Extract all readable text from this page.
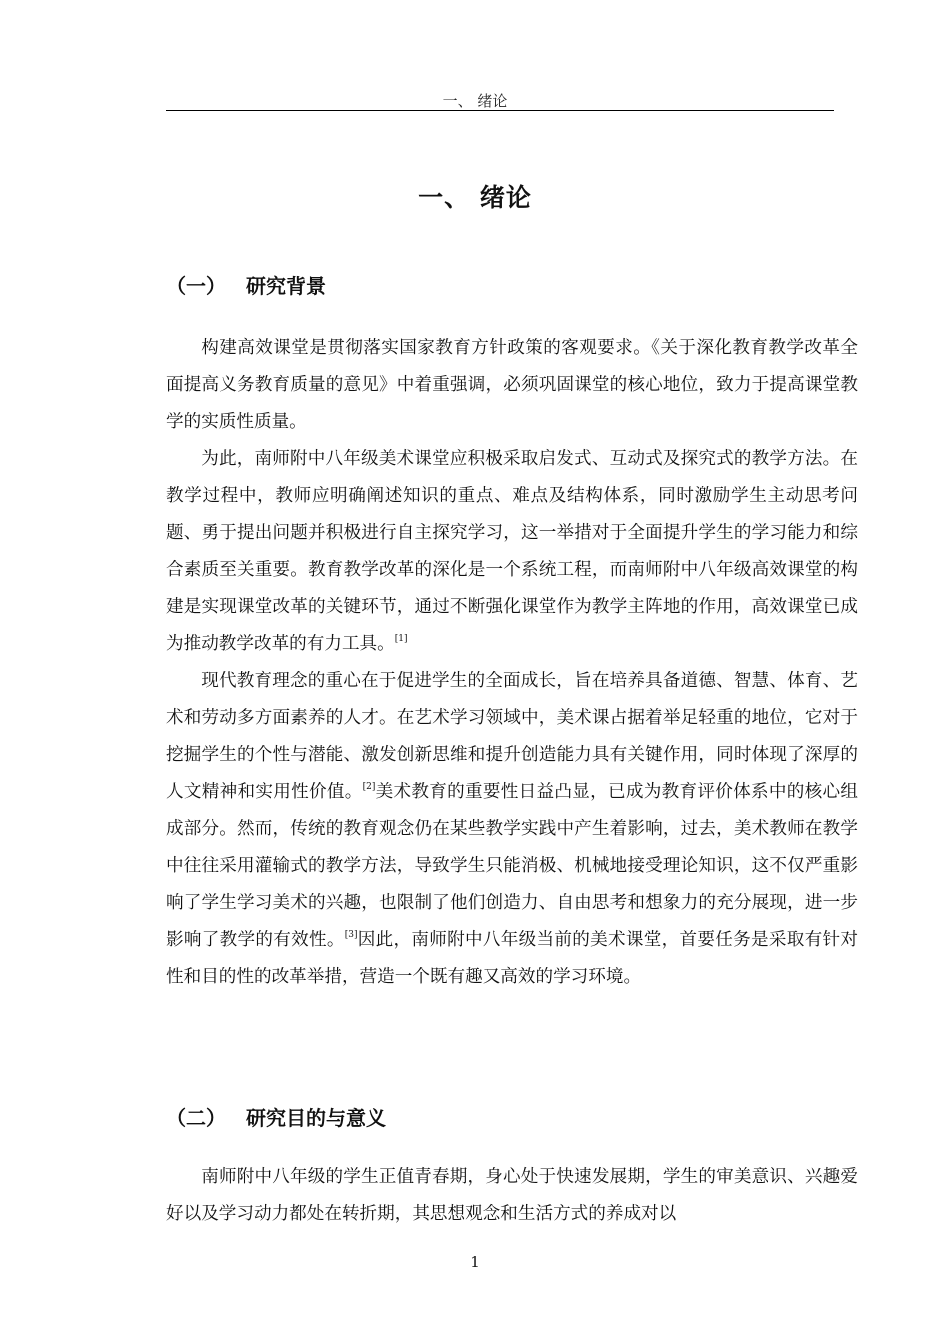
一、 绪论
一、 绪论
（一） 研究背景

构建高效课堂是贯彻落实国家教育方针政策的客观要求。《关于深化教育教学改革全面提高义务教育质量的意见》中着重强调，必须巩固课堂的核心地位，致力于提高课堂教学的实质性质量。

为此，南师附中八年级美术课堂应积极采取启发式、互动式及探究式的教学方法。在教学过程中，教师应明确阐述知识的重点、难点及结构体系，同时激励学生主动思考问题、勇于提出问题并积极进行自主探究学习，这一举措对于全面提升学生的学习能力和综合素质至关重要。教育教学改革的深化是一个系统工程，而南师附中八年级高效课堂的构建是实现课堂改革的关键环节，通过不断强化课堂作为教学主阵地的作用，高效课堂已成为推动教学改革的有力工具。[1]

现代教育理念的重心在于促进学生的全面成长，旨在培养具备道德、智慧、体育、艺术和劳动多方面素养的人才。在艺术学习领域中，美术课占据着举足轻重的地位，它对于挖掘学生的个性与潜能、激发创新思维和提升创造能力具有关键作用，同时体现了深厚的人文精神和实用性价值。[2]美术教育的重要性日益凸显，已成为教育评价体系中的核心组成部分。然而，传统的教育观念仍在某些教学实践中产生着影响，过去，美术教师在教学中往往采用灌输式的教学方法，导致学生只能消极、机械地接受理论知识，这不仅严重影响了学生学习美术的兴趣，也限制了他们创造力、自由思考和想象力的充分展现，进一步影响了教学的有效性。[3]因此，南师附中八年级当前的美术课堂，首要任务是采取有针对性和目的性的改革举措，营造一个既有趣又高效的学习环境。

（二） 研究目的与意义

南师附中八年级的学生正值青春期，身心处于快速发展期，学生的审美意识、兴趣爱好以及学习动力都处在转折期，其思想观念和生活方式的养成对以

1
